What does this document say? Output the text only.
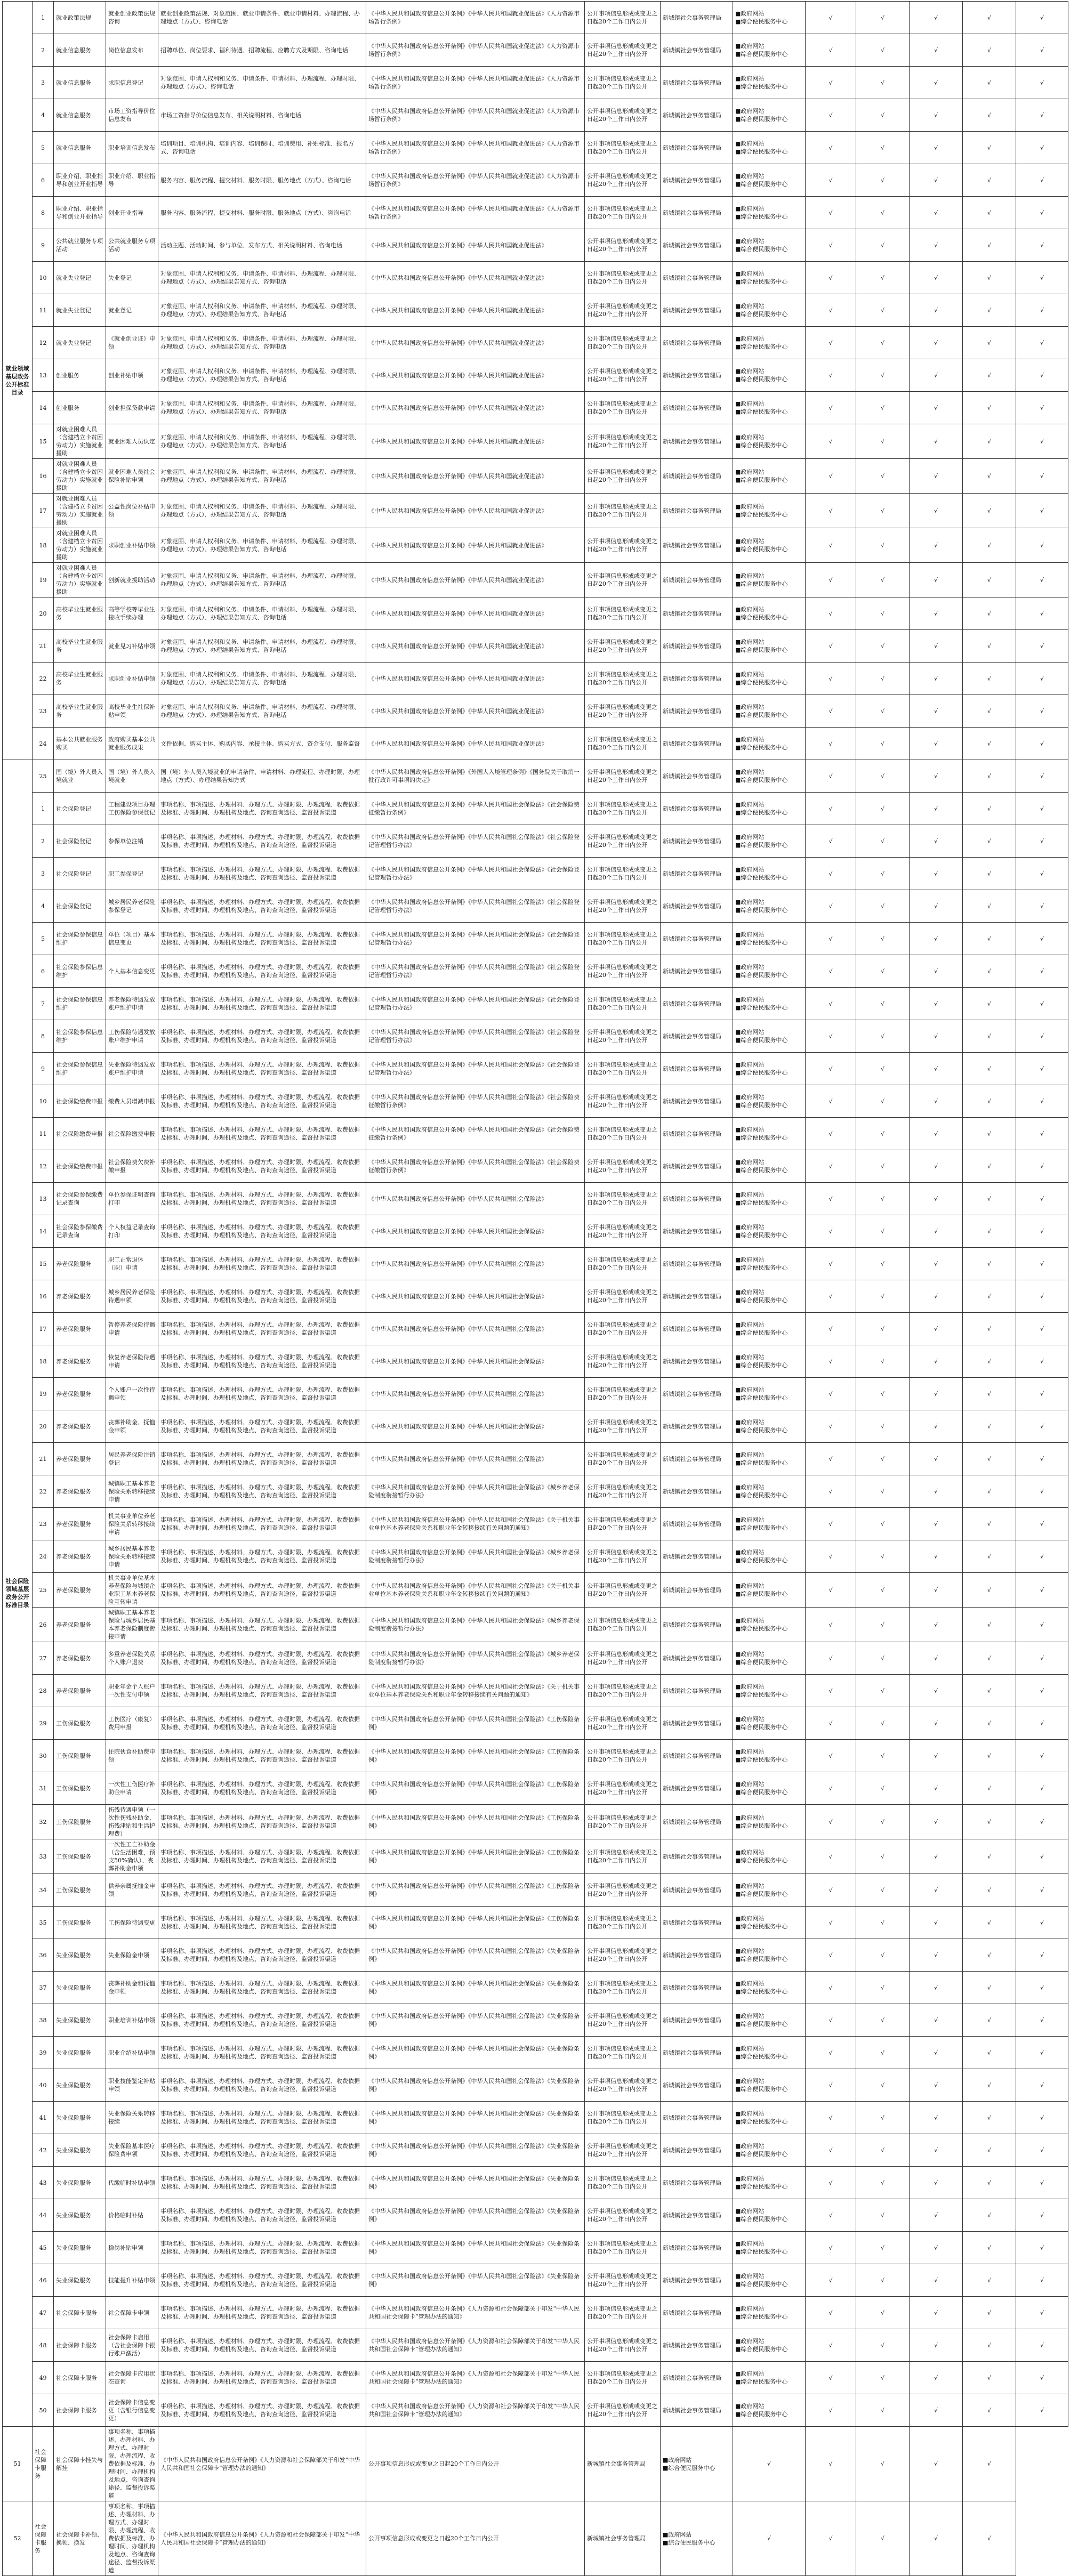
就业领域基层政务公开标准目录	1	就业政策法规	就业创业政策法规咨询	就业创业政策法规、对象范围、就业申请条件、就业申请材料、办理流程、办理地点（方式）、咨询电话	《中华人民共和国政府信息公开条例》《中华人民共和国就业促进法》《人力资源市场暂行条例》	公开事项信息形成或变更之日起20个工作日内公开	新城镇社会事务管理局	■政府网站
■综合便民服务中心	√	√	√	√	√
	2	就业信息服务	岗位信息发布	招聘单位、岗位要求、福利待遇、招聘流程、应聘方式及期限、咨询电话	《中华人民共和国政府信息公开条例》《中华人民共和国就业促进法》《人力资源市场暂行条例》	公开事项信息形成或变更之日起20个工作日内公开	新城镇社会事务管理局	■政府网站
■综合便民服务中心	√	√	√	√	√
	3	就业信息服务	求职信息登记	对象范围、申请人权利和义务、申请条件、申请材料、办理流程、办理时限、办理地点（方式）、咨询电话	《中华人民共和国政府信息公开条例》《中华人民共和国就业促进法》《人力资源市场暂行条例》	公开事项信息形成或变更之日起20个工作日内公开	新城镇社会事务管理局	■政府网站
■综合便民服务中心	√	√	√	√	√
	4	就业信息服务	市场工资指导价位信息发布	市场工资指导价位信息发布、相关说明材料、咨询电话	《中华人民共和国政府信息公开条例》《中华人民共和国就业促进法》《人力资源市场暂行条例》	公开事项信息形成或变更之日起20个工作日内公开	新城镇社会事务管理局	■政府网站
■综合便民服务中心	√	√	√	√	√
	5	就业信息服务	职业培训信息发布	培训项目、培训机构、培训内容、培训课时、培训费用、补贴标准、报名方式、咨询电话	《中华人民共和国政府信息公开条例》《中华人民共和国就业促进法》《人力资源市场暂行条例》	公开事项信息形成或变更之日起20个工作日内公开	新城镇社会事务管理局	■政府网站
■综合便民服务中心	√	√	√	√	√
	6	职业介绍、职业指导和创业开业指导	职业介绍、职业指导	服务内容、服务流程、提交材料、服务时限、服务地点（方式）、咨询电话	《中华人民共和国政府信息公开条例》《中华人民共和国就业促进法》《人力资源市场暂行条例》	公开事项信息形成或变更之日起20个工作日内公开	新城镇社会事务管理局	■政府网站
■综合便民服务中心	√	√	√	√	√
	8	职业介绍、职业指导和创业开业指导	创业开业指导	服务内容、服务流程、提交材料、服务时限、服务地点（方式）、咨询电话	《中华人民共和国政府信息公开条例》《中华人民共和国就业促进法》《人力资源市场暂行条例》	公开事项信息形成或变更之日起20个工作日内公开	新城镇社会事务管理局	■政府网站
■综合便民服务中心	√	√	√	√	√
	9	公共就业服务专项活动	公共就业服务专项活动	活动主题、活动时间、参与单位、发布方式、相关说明材料、咨询电话	《中华人民共和国政府信息公开条例》《中华人民共和国就业促进法》	公开事项信息形成或变更之日起20个工作日内公开	新城镇社会事务管理局	■政府网站
■综合便民服务中心	√	√	√	√	√
	10	就业失业登记	失业登记	对象范围、申请人权利和义务、申请条件、申请材料、办理流程、办理时限、办理地点（方式）、办理结果告知方式、咨询电话	《中华人民共和国政府信息公开条例》《中华人民共和国就业促进法》	公开事项信息形成或变更之日起20个工作日内公开	新城镇社会事务管理局	■政府网站
■综合便民服务中心	√	√	√	√	√
	11	就业失业登记	就业登记	对象范围、申请人权利和义务、申请条件、申请材料、办理流程、办理时限、办理地点（方式）、办理结果告知方式、咨询电话	《中华人民共和国政府信息公开条例》《中华人民共和国就业促进法》	公开事项信息形成或变更之日起20个工作日内公开	新城镇社会事务管理局	■政府网站
■综合便民服务中心	√	√	√	√	√
	12	就业失业登记	《就业创业证》申领	对象范围、申请人权利和义务、申请条件、申请材料、办理流程、办理时限、办理地点（方式）、办理结果告知方式、咨询电话	《中华人民共和国政府信息公开条例》《中华人民共和国就业促进法》	公开事项信息形成或变更之日起20个工作日内公开	新城镇社会事务管理局	■政府网站
■综合便民服务中心	√	√	√	√	√
	13	创业服务	创业补贴申领	对象范围、申请人权利和义务、申请条件、申请材料、办理流程、办理时限、办理地点（方式）、办理结果告知方式、咨询电话	《中华人民共和国政府信息公开条例》《中华人民共和国就业促进法》	公开事项信息形成或变更之日起20个工作日内公开	新城镇社会事务管理局	■政府网站
■综合便民服务中心	√	√	√	√	√
	14	创业服务	创业担保贷款申请	对象范围、申请人权利和义务、申请条件、申请材料、办理流程、办理时限、办理地点（方式）、办理结果告知方式、咨询电话	《中华人民共和国政府信息公开条例》《中华人民共和国就业促进法》	公开事项信息形成或变更之日起20个工作日内公开	新城镇社会事务管理局	■政府网站
■综合便民服务中心	√	√	√	√	√
	15	对就业困难人员（含建档立卡贫困劳动力）实施就业援助	就业困难人员认定	对象范围、申请人权利和义务、申请条件、申请材料、办理流程、办理时限、办理地点（方式）、办理结果告知方式、咨询电话	《中华人民共和国政府信息公开条例》《中华人民共和国就业促进法》	公开事项信息形成或变更之日起20个工作日内公开	新城镇社会事务管理局	■政府网站
■综合便民服务中心	√	√	√	√	√
	16	对就业困难人员（含建档立卡贫困劳动力）实施就业援助	就业困难人员社会保险补贴申领	对象范围、申请人权利和义务、申请条件、申请材料、办理流程、办理时限、办理地点（方式）、办理结果告知方式、咨询电话	《中华人民共和国政府信息公开条例》《中华人民共和国就业促进法》	公开事项信息形成或变更之日起20个工作日内公开	新城镇社会事务管理局	■政府网站
■综合便民服务中心	√	√	√	√	√
	17	对就业困难人员（含建档立卡贫困劳动力）实施就业援助	公益性岗位补贴申领	对象范围、申请人权利和义务、申请条件、申请材料、办理流程、办理时限、办理地点（方式）、办理结果告知方式、咨询电话	《中华人民共和国政府信息公开条例》《中华人民共和国就业促进法》	公开事项信息形成或变更之日起20个工作日内公开	新城镇社会事务管理局	■政府网站
■综合便民服务中心	√	√	√	√	√
	18	对就业困难人员（含建档立卡贫困劳动力）实施就业援助	求职创业补贴申领	对象范围、申请人权利和义务、申请条件、申请材料、办理流程、办理时限、办理地点（方式）、办理结果告知方式、咨询电话	《中华人民共和国政府信息公开条例》《中华人民共和国就业促进法》	公开事项信息形成或变更之日起20个工作日内公开	新城镇社会事务管理局	■政府网站
■综合便民服务中心	√	√	√	√	√
	19	对就业困难人员（含建档立卡贫困劳动力）实施就业援助	创新就业援助活动	对象范围、申请人权利和义务、申请条件、申请材料、办理流程、办理时限、办理地点（方式）、办理结果告知方式、咨询电话	《中华人民共和国政府信息公开条例》《中华人民共和国就业促进法》	公开事项信息形成或变更之日起20个工作日内公开	新城镇社会事务管理局	■政府网站
■综合便民服务中心	√	√	√	√	√
	20	高校毕业生就业服务	高等学校等毕业生接收手续办理	对象范围、申请人权利和义务、申请条件、申请材料、办理流程、办理时限、办理地点（方式）、办理结果告知方式、咨询电话	《中华人民共和国政府信息公开条例》《中华人民共和国就业促进法》	公开事项信息形成或变更之日起20个工作日内公开	新城镇社会事务管理局	■政府网站
■综合便民服务中心	√	√	√	√	√
	21	高校毕业生就业服务	就业见习补贴申领	对象范围、申请人权利和义务、申请条件、申请材料、办理流程、办理时限、办理地点（方式）、办理结果告知方式、咨询电话	《中华人民共和国政府信息公开条例》《中华人民共和国就业促进法》	公开事项信息形成或变更之日起20个工作日内公开	新城镇社会事务管理局	■政府网站
■综合便民服务中心	√	√	√	√	√
	22	高校毕业生就业服务	求职创业补贴申领	对象范围、申请人权利和义务、申请条件、申请材料、办理流程、办理时限、办理地点（方式）、办理结果告知方式、咨询电话	《中华人民共和国政府信息公开条例》《中华人民共和国就业促进法》	公开事项信息形成或变更之日起20个工作日内公开	新城镇社会事务管理局	■政府网站
■综合便民服务中心	√	√	√	√	√
	23	高校毕业生就业服务	高校毕业生社保补贴申领	对象范围、申请人权利和义务、申请条件、申请材料、办理流程、办理时限、办理地点（方式）、办理结果告知方式、咨询电话	《中华人民共和国政府信息公开条例》《中华人民共和国就业促进法》	公开事项信息形成或变更之日起20个工作日内公开	新城镇社会事务管理局	■政府网站
■综合便民服务中心	√	√	√	√	√
	24	基本公共就业服务购买	政府购买基本公共就业服务成果	文件依据、购买主体、购买内容、承接主体、购买方式、资金支付、服务监督	《中华人民共和国政府信息公开条例》《中华人民共和国就业促进法》	公开事项信息形成或变更之日起20个工作日内公开	新城镇社会事务管理局	■政府网站
■综合便民服务中心	√	√	√	√	√
社会保险领域基层政务公开标准目录	25	国（境）外人员入境就业	国（境）外人员入境就业	国（境）外人员入境就业的申请条件、申请材料、办理流程、办理时限、办理地点（方式）、办理结果告知方式	《中华人民共和国政府信息公开条例》《外国人入境管理条例》《国务院关于取消一批行政许可事项的决定》	公开事项信息形成或变更之日起20个工作日内公开	新城镇社会事务管理局	■政府网站
■综合便民服务中心	√	√	√	√	√
	1	社会保险登记	工程建设项目办理工伤保险参保登记	事项名称、事项描述、办理材料、办理方式、办理时限、办理流程、收费依据及标准、办理时间、办理机构及地点、咨询查询途径、监督投诉渠道	《中华人民共和国政府信息公开条例》《中华人民共和国社会保险法》《社会保险费征缴暂行条例》	公开事项信息形成或变更之日起20个工作日内公开	新城镇社会事务管理局	■政府网站
■综合便民服务中心	√	√	√	√	√
	2	社会保险登记	参保单位注销	事项名称、事项描述、办理材料、办理方式、办理时限、办理流程、收费依据及标准、办理时间、办理机构及地点、咨询查询途径、监督投诉渠道	《中华人民共和国政府信息公开条例》《中华人民共和国社会保险法》《社会保险登记管理暂行办法》	公开事项信息形成或变更之日起20个工作日内公开	新城镇社会事务管理局	■政府网站
■综合便民服务中心	√	√	√	√	√
	3	社会保险登记	职工参保登记	事项名称、事项描述、办理材料、办理方式、办理时限、办理流程、收费依据及标准、办理时间、办理机构及地点、咨询查询途径、监督投诉渠道	《中华人民共和国政府信息公开条例》《中华人民共和国社会保险法》《社会保险登记管理暂行办法》	公开事项信息形成或变更之日起20个工作日内公开	新城镇社会事务管理局	■政府网站
■综合便民服务中心	√	√	√	√	√
	4	社会保险登记	城乡居民养老保险参保登记	事项名称、事项描述、办理材料、办理方式、办理时限、办理流程、收费依据及标准、办理时间、办理机构及地点、咨询查询途径、监督投诉渠道	《中华人民共和国政府信息公开条例》《中华人民共和国社会保险法》《社会保险登记管理暂行办法》	公开事项信息形成或变更之日起20个工作日内公开	新城镇社会事务管理局	■政府网站
■综合便民服务中心	√	√	√	√	√
	5	社会保险参保信息维护	单位（项目）基本信息变更	事项名称、事项描述、办理材料、办理方式、办理时限、办理流程、收费依据及标准、办理时间、办理机构及地点、咨询查询途径、监督投诉渠道	《中华人民共和国政府信息公开条例》《中华人民共和国社会保险法》《社会保险登记管理暂行办法》	公开事项信息形成或变更之日起20个工作日内公开	新城镇社会事务管理局	■政府网站
■综合便民服务中心	√	√	√	√	√
	6	社会保险参保信息维护	个人基本信息变更	事项名称、事项描述、办理材料、办理方式、办理时限、办理流程、收费依据及标准、办理时间、办理机构及地点、咨询查询途径、监督投诉渠道	《中华人民共和国政府信息公开条例》《中华人民共和国社会保险法》《社会保险登记管理暂行办法》	公开事项信息形成或变更之日起20个工作日内公开	新城镇社会事务管理局	■政府网站
■综合便民服务中心	√	√	√	√	√
	7	社会保险参保信息维护	养老保险待遇发放账户维护申请	事项名称、事项描述、办理材料、办理方式、办理时限、办理流程、收费依据及标准、办理时间、办理机构及地点、咨询查询途径、监督投诉渠道	《中华人民共和国政府信息公开条例》《中华人民共和国社会保险法》《社会保险登记管理暂行办法》	公开事项信息形成或变更之日起20个工作日内公开	新城镇社会事务管理局	■政府网站
■综合便民服务中心	√	√	√	√	√
	8	社会保险参保信息维护	工伤保险待遇发放账户维护申请	事项名称、事项描述、办理材料、办理方式、办理时限、办理流程、收费依据及标准、办理时间、办理机构及地点、咨询查询途径、监督投诉渠道	《中华人民共和国政府信息公开条例》《中华人民共和国社会保险法》《社会保险登记管理暂行办法》	公开事项信息形成或变更之日起20个工作日内公开	新城镇社会事务管理局	■政府网站
■综合便民服务中心	√	√	√	√	√
	9	社会保险参保信息维护	失业保险待遇发放账户维护申请	事项名称、事项描述、办理材料、办理方式、办理时限、办理流程、收费依据及标准、办理时间、办理机构及地点、咨询查询途径、监督投诉渠道	《中华人民共和国政府信息公开条例》《中华人民共和国社会保险法》《社会保险登记管理暂行办法》	公开事项信息形成或变更之日起20个工作日内公开	新城镇社会事务管理局	■政府网站
■综合便民服务中心	√	√	√	√	√
	10	社会保险缴费申报	缴费人员增减申报	事项名称、事项描述、办理材料、办理方式、办理时限、办理流程、收费依据及标准、办理时间、办理机构及地点、咨询查询途径、监督投诉渠道	《中华人民共和国政府信息公开条例》《中华人民共和国社会保险法》《社会保险费征缴暂行条例》	公开事项信息形成或变更之日起20个工作日内公开	新城镇社会事务管理局	■政府网站
■综合便民服务中心	√	√	√	√	√
	11	社会保险缴费申报	社会保险缴费申报	事项名称、事项描述、办理材料、办理方式、办理时限、办理流程、收费依据及标准、办理时间、办理机构及地点、咨询查询途径、监督投诉渠道	《中华人民共和国政府信息公开条例》《中华人民共和国社会保险法》《社会保险费征缴暂行条例》	公开事项信息形成或变更之日起20个工作日内公开	新城镇社会事务管理局	■政府网站
■综合便民服务中心	√	√	√	√	√
	12	社会保险缴费申报	社会保险费欠费补缴申报	事项名称、事项描述、办理材料、办理方式、办理时限、办理流程、收费依据及标准、办理时间、办理机构及地点、咨询查询途径、监督投诉渠道	《中华人民共和国政府信息公开条例》《中华人民共和国社会保险法》《社会保险费征缴暂行条例》	公开事项信息形成或变更之日起20个工作日内公开	新城镇社会事务管理局	■政府网站
■综合便民服务中心	√	√	√	√	√
	13	社会保险参保缴费记录查询	单位参保证明查询打印	事项名称、事项描述、办理材料、办理方式、办理时限、办理流程、收费依据及标准、办理时间、办理机构及地点、咨询查询途径、监督投诉渠道	《中华人民共和国政府信息公开条例》《中华人民共和国社会保险法》	公开事项信息形成或变更之日起20个工作日内公开	新城镇社会事务管理局	■政府网站
■综合便民服务中心	√	√	√	√	√
	14	社会保险参保缴费记录查询	个人权益记录查询打印	事项名称、事项描述、办理材料、办理方式、办理时限、办理流程、收费依据及标准、办理时间、办理机构及地点、咨询查询途径、监督投诉渠道	《中华人民共和国政府信息公开条例》《中华人民共和国社会保险法》	公开事项信息形成或变更之日起20个工作日内公开	新城镇社会事务管理局	■政府网站
■综合便民服务中心	√	√	√	√	√
	15	养老保险服务	职工正常退休（职）申请	事项名称、事项描述、办理材料、办理方式、办理时限、办理流程、收费依据及标准、办理时间、办理机构及地点、咨询查询途径、监督投诉渠道	《中华人民共和国政府信息公开条例》《中华人民共和国社会保险法》	公开事项信息形成或变更之日起20个工作日内公开	新城镇社会事务管理局	■政府网站
■综合便民服务中心	√	√	√	√	√
	16	养老保险服务	城乡居民养老保险待遇申领	事项名称、事项描述、办理材料、办理方式、办理时限、办理流程、收费依据及标准、办理时间、办理机构及地点、咨询查询途径、监督投诉渠道	《中华人民共和国政府信息公开条例》《中华人民共和国社会保险法》	公开事项信息形成或变更之日起20个工作日内公开	新城镇社会事务管理局	■政府网站
■综合便民服务中心	√	√	√	√	√
	17	养老保险服务	暂停养老保险待遇申请	事项名称、事项描述、办理材料、办理方式、办理时限、办理流程、收费依据及标准、办理时间、办理机构及地点、咨询查询途径、监督投诉渠道	《中华人民共和国政府信息公开条例》《中华人民共和国社会保险法》	公开事项信息形成或变更之日起20个工作日内公开	新城镇社会事务管理局	■政府网站
■综合便民服务中心	√	√	√	√	√
	18	养老保险服务	恢复养老保险待遇申请	事项名称、事项描述、办理材料、办理方式、办理时限、办理流程、收费依据及标准、办理时间、办理机构及地点、咨询查询途径、监督投诉渠道	《中华人民共和国政府信息公开条例》《中华人民共和国社会保险法》	公开事项信息形成或变更之日起20个工作日内公开	新城镇社会事务管理局	■政府网站
■综合便民服务中心	√	√	√	√	√
	19	养老保险服务	个人账户一次性待遇申领	事项名称、事项描述、办理材料、办理方式、办理时限、办理流程、收费依据及标准、办理时间、办理机构及地点、咨询查询途径、监督投诉渠道	《中华人民共和国政府信息公开条例》《中华人民共和国社会保险法》	公开事项信息形成或变更之日起20个工作日内公开	新城镇社会事务管理局	■政府网站
■综合便民服务中心	√	√	√	√	√
	20	养老保险服务	丧葬补助金、抚恤金申领	事项名称、事项描述、办理材料、办理方式、办理时限、办理流程、收费依据及标准、办理时间、办理机构及地点、咨询查询途径、监督投诉渠道	《中华人民共和国政府信息公开条例》《中华人民共和国社会保险法》	公开事项信息形成或变更之日起20个工作日内公开	新城镇社会事务管理局	■政府网站
■综合便民服务中心	√	√	√	√	√
	21	养老保险服务	居民养老保险注销登记	事项名称、事项描述、办理材料、办理方式、办理时限、办理流程、收费依据及标准、办理时间、办理机构及地点、咨询查询途径、监督投诉渠道	《中华人民共和国政府信息公开条例》《中华人民共和国社会保险法》	公开事项信息形成或变更之日起20个工作日内公开	新城镇社会事务管理局	■政府网站
■综合便民服务中心	√	√	√	√	√
	22	养老保险服务	城镇职工基本养老保险关系转移接续申请	事项名称、事项描述、办理材料、办理方式、办理时限、办理流程、收费依据及标准、办理时间、办理机构及地点、咨询查询途径、监督投诉渠道	《中华人民共和国政府信息公开条例》《中华人民共和国社会保险法》《城乡养老保险制度衔接暂行办法》	公开事项信息形成或变更之日起20个工作日内公开	新城镇社会事务管理局	■政府网站
■综合便民服务中心	√	√	√	√	√
	23	养老保险服务	机关事业单位养老保险关系转移接续申请	事项名称、事项描述、办理材料、办理方式、办理时限、办理流程、收费依据及标准、办理时间、办理机构及地点、咨询查询途径、监督投诉渠道	《中华人民共和国政府信息公开条例》《中华人民共和国社会保险法》《关于机关事业单位基本养老保险关系和职业年金转移接续有关问题的通知》	公开事项信息形成或变更之日起20个工作日内公开	新城镇社会事务管理局	■政府网站
■综合便民服务中心	√	√	√	√	√
	24	养老保险服务	城乡居民基本养老保险关系转移接续申请	事项名称、事项描述、办理材料、办理方式、办理时限、办理流程、收费依据及标准、办理时间、办理机构及地点、咨询查询途径、监督投诉渠道	《中华人民共和国政府信息公开条例》《中华人民共和国社会保险法》《城乡养老保险制度衔接暂行办法》	公开事项信息形成或变更之日起20个工作日内公开	新城镇社会事务管理局	■政府网站
■综合便民服务中心	√	√	√	√	√
	25	养老保险服务	机关事业单位基本养老保险与城镇企业职工基本养老保险互转申请	事项名称、事项描述、办理材料、办理方式、办理时限、办理流程、收费依据及标准、办理时间、办理机构及地点、咨询查询途径、监督投诉渠道	《中华人民共和国政府信息公开条例》《中华人民共和国社会保险法》《关于机关事业单位基本养老保险关系和职业年金转移接续有关问题的通知》	公开事项信息形成或变更之日起20个工作日内公开	新城镇社会事务管理局	■政府网站
■综合便民服务中心	√	√	√	√	√
	26	养老保险服务	城镇职工基本养老保险与城乡居民基本养老保险制度衔接申请	事项名称、事项描述、办理材料、办理方式、办理时限、办理流程、收费依据及标准、办理时间、办理机构及地点、咨询查询途径、监督投诉渠道	《中华人民共和国政府信息公开条例》《中华人民共和国社会保险法》《城乡养老保险制度衔接暂行办法》	公开事项信息形成或变更之日起20个工作日内公开	新城镇社会事务管理局	■政府网站
■综合便民服务中心	√	√	√	√	√
	27	养老保险服务	多重养老保险关系个人账户退费	事项名称、事项描述、办理材料、办理方式、办理时限、办理流程、收费依据及标准、办理时间、办理机构及地点、咨询查询途径、监督投诉渠道	《中华人民共和国政府信息公开条例》《中华人民共和国社会保险法》《城乡养老保险制度衔接暂行办法》	公开事项信息形成或变更之日起20个工作日内公开	新城镇社会事务管理局	■政府网站
■综合便民服务中心	√	√	√	√	√
	28	养老保险服务	职业年金个人账户一次性支付申领	事项名称、事项描述、办理材料、办理方式、办理时限、办理流程、收费依据及标准、办理时间、办理机构及地点、咨询查询途径、监督投诉渠道	《中华人民共和国政府信息公开条例》《中华人民共和国社会保险法》《关于机关事业单位基本养老保险关系和职业年金转移接续有关问题的通知》	公开事项信息形成或变更之日起20个工作日内公开	新城镇社会事务管理局	■政府网站
■综合便民服务中心	√	√	√	√	√
	29	工伤保险服务	工伤医疗（康复）费用申报	事项名称、事项描述、办理材料、办理方式、办理时限、办理流程、收费依据及标准、办理时间、办理机构及地点、咨询查询途径、监督投诉渠道	《中华人民共和国政府信息公开条例》《中华人民共和国社会保险法》《工伤保险条例》	公开事项信息形成或变更之日起20个工作日内公开	新城镇社会事务管理局	■政府网站
■综合便民服务中心	√	√	√	√	√
	30	工伤保险服务	住院伙食补助费申领	事项名称、事项描述、办理材料、办理方式、办理时限、办理流程、收费依据及标准、办理时间、办理机构及地点、咨询查询途径、监督投诉渠道	《中华人民共和国政府信息公开条例》《中华人民共和国社会保险法》《工伤保险条例》	公开事项信息形成或变更之日起20个工作日内公开	新城镇社会事务管理局	■政府网站
■综合便民服务中心	√	√	√	√	√
	31	工伤保险服务	一次性工伤医疗补助金申请	事项名称、事项描述、办理材料、办理方式、办理时限、办理流程、收费依据及标准、办理时间、办理机构及地点、咨询查询途径、监督投诉渠道	《中华人民共和国政府信息公开条例》《中华人民共和国社会保险法》《工伤保险条例》	公开事项信息形成或变更之日起20个工作日内公开	新城镇社会事务管理局	■政府网站
■综合便民服务中心	√	√	√	√	√
	32	工伤保险服务	伤残待遇申领（一次性伤残补助金、伤残津贴和生活护理费）	事项名称、事项描述、办理材料、办理方式、办理时限、办理流程、收费依据及标准、办理时间、办理机构及地点、咨询查询途径、监督投诉渠道	《中华人民共和国政府信息公开条例》《中华人民共和国社会保险法》《工伤保险条例》	公开事项信息形成或变更之日起20个工作日内公开	新城镇社会事务管理局	■政府网站
■综合便民服务中心	√	√	√	√	√
	33	工伤保险服务	一次性工亡补助金（含生活困难，预支50%确认）、丧葬补助金申领	事项名称、事项描述、办理材料、办理方式、办理时限、办理流程、收费依据及标准、办理时间、办理机构及地点、咨询查询途径、监督投诉渠道	《中华人民共和国政府信息公开条例》《中华人民共和国社会保险法》《工伤保险条例》	公开事项信息形成或变更之日起20个工作日内公开	新城镇社会事务管理局	■政府网站
■综合便民服务中心	√	√	√	√	√
	34	工伤保险服务	供养亲属抚恤金申领	事项名称、事项描述、办理材料、办理方式、办理时限、办理流程、收费依据及标准、办理时间、办理机构及地点、咨询查询途径、监督投诉渠道	《中华人民共和国政府信息公开条例》《中华人民共和国社会保险法》《工伤保险条例》	公开事项信息形成或变更之日起20个工作日内公开	新城镇社会事务管理局	■政府网站
■综合便民服务中心	√	√	√	√	√
	35	工伤保险服务	工伤保险待遇变更	事项名称、事项描述、办理材料、办理方式、办理时限、办理流程、收费依据及标准、办理时间、办理机构及地点、咨询查询途径、监督投诉渠道	《中华人民共和国政府信息公开条例》《中华人民共和国社会保险法》《工伤保险条例》	公开事项信息形成或变更之日起20个工作日内公开	新城镇社会事务管理局	■政府网站
■综合便民服务中心	√	√	√	√	√
	36	失业保险服务	失业保险金申领	事项名称、事项描述、办理材料、办理方式、办理时限、办理流程、收费依据及标准、办理时间、办理机构及地点、咨询查询途径、监督投诉渠道	《中华人民共和国政府信息公开条例》《中华人民共和国社会保险法》《失业保险条例》	公开事项信息形成或变更之日起20个工作日内公开	新城镇社会事务管理局	■政府网站
■综合便民服务中心	√	√	√	√	√
	37	失业保险服务	丧葬补助金和抚恤金申领	事项名称、事项描述、办理材料、办理方式、办理时限、办理流程、收费依据及标准、办理时间、办理机构及地点、咨询查询途径、监督投诉渠道	《中华人民共和国政府信息公开条例》《中华人民共和国社会保险法》《失业保险条例》	公开事项信息形成或变更之日起20个工作日内公开	新城镇社会事务管理局	■政府网站
■综合便民服务中心	√	√	√	√	√
	38	失业保险服务	职业培训补贴申领	事项名称、事项描述、办理材料、办理方式、办理时限、办理流程、收费依据及标准、办理时间、办理机构及地点、咨询查询途径、监督投诉渠道	《中华人民共和国政府信息公开条例》《中华人民共和国社会保险法》《失业保险条例》	公开事项信息形成或变更之日起20个工作日内公开	新城镇社会事务管理局	■政府网站
■综合便民服务中心	√	√	√	√	√
	39	失业保险服务	职业介绍补贴申领	事项名称、事项描述、办理材料、办理方式、办理时限、办理流程、收费依据及标准、办理时间、办理机构及地点、咨询查询途径、监督投诉渠道	《中华人民共和国政府信息公开条例》《中华人民共和国社会保险法》《失业保险条例》	公开事项信息形成或变更之日起20个工作日内公开	新城镇社会事务管理局	■政府网站
■综合便民服务中心	√	√	√	√	√
	40	失业保险服务	职业技能鉴定补贴申领	事项名称、事项描述、办理材料、办理方式、办理时限、办理流程、收费依据及标准、办理时间、办理机构及地点、咨询查询途径、监督投诉渠道	《中华人民共和国政府信息公开条例》《中华人民共和国社会保险法》《失业保险条例》	公开事项信息形成或变更之日起20个工作日内公开	新城镇社会事务管理局	■政府网站
■综合便民服务中心	√	√	√	√	√
	41	失业保险服务	失业保险关系转移接续	事项名称、事项描述、办理材料、办理方式、办理时限、办理流程、收费依据及标准、办理时间、办理机构及地点、咨询查询途径、监督投诉渠道	《中华人民共和国政府信息公开条例》《中华人民共和国社会保险法》《失业保险条例》	公开事项信息形成或变更之日起20个工作日内公开	新城镇社会事务管理局	■政府网站
■综合便民服务中心	√	√	√	√	√
	42	失业保险服务	失业保险基本医疗保险费申领	事项名称、事项描述、办理材料、办理方式、办理时限、办理流程、收费依据及标准、办理时间、办理机构及地点、咨询查询途径、监督投诉渠道	《中华人民共和国政府信息公开条例》《中华人民共和国社会保险法》《失业保险条例》	公开事项信息形成或变更之日起20个工作日内公开	新城镇社会事务管理局	■政府网站
■综合便民服务中心	√	√	√	√	√
	43	失业保险服务	代缴临时补贴申领	事项名称、事项描述、办理材料、办理方式、办理时限、办理流程、收费依据及标准、办理时间、办理机构及地点、咨询查询途径、监督投诉渠道	《中华人民共和国政府信息公开条例》《中华人民共和国社会保险法》《失业保险条例》	公开事项信息形成或变更之日起20个工作日内公开	新城镇社会事务管理局	■政府网站
■综合便民服务中心	√	√	√	√	√
	44	失业保险服务	价格临时补贴	事项名称、事项描述、办理材料、办理方式、办理时限、办理流程、收费依据及标准、办理时间、办理机构及地点、咨询查询途径、监督投诉渠道	《中华人民共和国政府信息公开条例》《中华人民共和国社会保险法》《失业保险条例》	公开事项信息形成或变更之日起20个工作日内公开	新城镇社会事务管理局	■政府网站
■综合便民服务中心	√	√	√	√	√
	45	失业保险服务	稳岗补贴申领	事项名称、事项描述、办理材料、办理方式、办理时限、办理流程、收费依据及标准、办理时间、办理机构及地点、咨询查询途径、监督投诉渠道	《中华人民共和国政府信息公开条例》《中华人民共和国社会保险法》《失业保险条例》	公开事项信息形成或变更之日起20个工作日内公开	新城镇社会事务管理局	■政府网站
■综合便民服务中心	√	√	√	√	√
	46	失业保险服务	技能提升补贴申领	事项名称、事项描述、办理材料、办理方式、办理时限、办理流程、收费依据及标准、办理时间、办理机构及地点、咨询查询途径、监督投诉渠道	《中华人民共和国政府信息公开条例》《中华人民共和国社会保险法》《失业保险条例》	公开事项信息形成或变更之日起20个工作日内公开	新城镇社会事务管理局	■政府网站
■综合便民服务中心	√	√	√	√	√
	47	社会保障卡服务	社会保障卡申领	事项名称、事项描述、办理材料、办理方式、办理时限、办理流程、收费依据及标准、办理时间、办理机构及地点、咨询查询途径、监督投诉渠道	《中华人民共和国政府信息公开条例》《人力资源和社会保障部关于印发“中华人民共和国社会保障卡”管理办法的通知》	公开事项信息形成或变更之日起20个工作日内公开	新城镇社会事务管理局	■政府网站
■综合便民服务中心	√	√	√	√	√
	48	社会保障卡服务	社会保障卡启用（含社会保障卡银行账户激活）	事项名称、事项描述、办理材料、办理方式、办理时限、办理流程、收费依据及标准、办理时间、办理机构及地点、咨询查询途径、监督投诉渠道	《中华人民共和国政府信息公开条例》《人力资源和社会保障部关于印发“中华人民共和国社会保障卡”管理办法的通知》	公开事项信息形成或变更之日起20个工作日内公开	新城镇社会事务管理局	■政府网站
■综合便民服务中心	√	√	√	√	√
	49	社会保障卡服务	社会保障卡应用状态查询	事项名称、事项描述、办理材料、办理方式、办理时限、办理流程、收费依据及标准、办理时间、办理机构及地点、咨询查询途径、监督投诉渠道	《中华人民共和国政府信息公开条例》《人力资源和社会保障部关于印发“中华人民共和国社会保障卡”管理办法的通知》	公开事项信息形成或变更之日起20个工作日内公开	新城镇社会事务管理局	■政府网站
■综合便民服务中心	√	√	√	√	√
	50	社会保障卡服务	社会保障卡信息变更（含银行信息变更）	事项名称、事项描述、办理材料、办理方式、办理时限、办理流程、收费依据及标准、办理时间、办理机构及地点、咨询查询途径、监督投诉渠道	《中华人民共和国政府信息公开条例》《人力资源和社会保障部关于印发“中华人民共和国社会保障卡”管理办法的通知》	公开事项信息形成或变更之日起20个工作日内公开	新城镇社会事务管理局	■政府网站
■综合便民服务中心	√	√	√	√	√
51	社会保障卡服务	社会保障卡挂失与解挂	事项名称、事项描述、办理材料、办理方式、办理时限、办理流程、收费依据及标准、办理时间、办理机构及地点、咨询查询途径、监督投诉渠道	《中华人民共和国政府信息公开条例》《人力资源和社会保障部关于印发“中华人民共和国社会保障卡”管理办法的通知》	公开事项信息形成或变更之日起20个工作日内公开	新城镇社会事务管理局	■政府网站
■综合便民服务中心	√	√	√	√	√	
52	社会保障卡服务	社会保障卡补领、换领、换发	事项名称、事项描述、办理材料、办理方式、办理时限、办理流程、收费依据及标准、办理时间、办理机构及地点、咨询查询途径、监督投诉渠道	《中华人民共和国政府信息公开条例》《人力资源和社会保障部关于印发“中华人民共和国社会保障卡”管理办法的通知》	公开事项信息形成或变更之日起20个工作日内公开	新城镇社会事务管理局	■政府网站
■综合便民服务中心	√	√	√	√	√	
